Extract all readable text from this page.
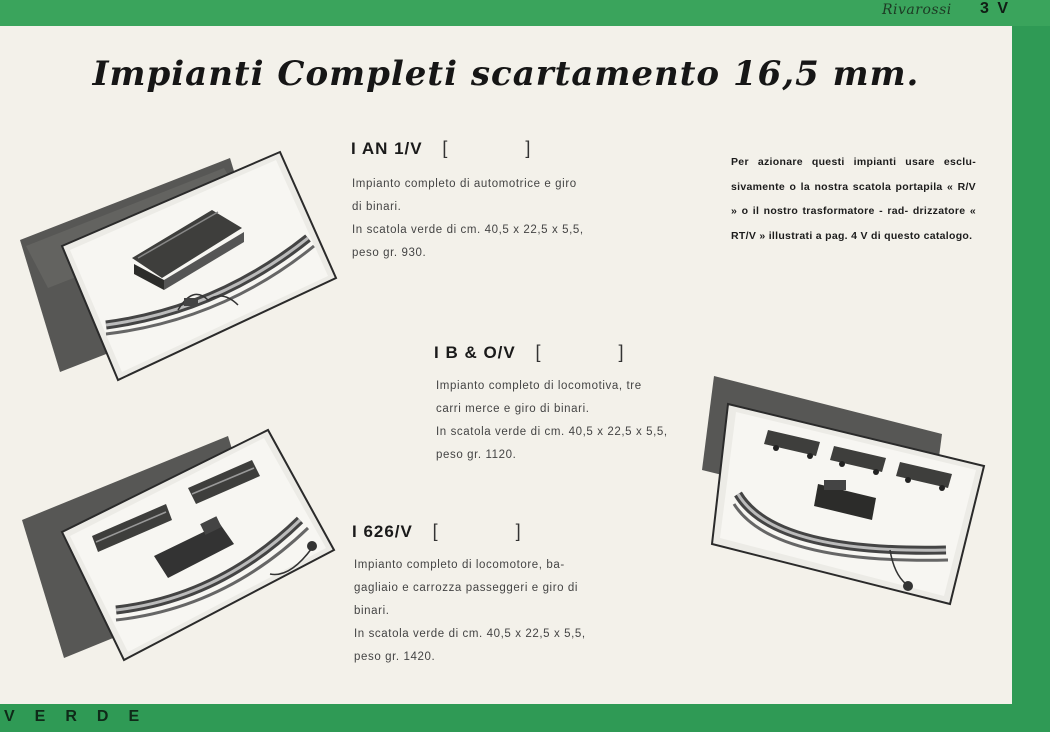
Rivarossi 3 V
Impianti Completi scartamento 16,5 mm.
I AN 1/V [	]

Impianto completo di automotrice e giro

di binari.

In scatola verde di cm. 40,5 x 22,5 x 5,5,

peso gr. 930.

I B & O/V [	]

Impianto completo di locomotiva, tre

carri merce e giro di binari.

In scatola verde di cm. 40,5 x 22,5 x 5,5,

peso gr. 1120.

I 626/V [	]

Impianto completo di locomotore, ba-

gagliaio e carrozza passeggeri e giro di

binari.

In scatola verde di cm. 40,5 x 22,5 x 5,5,

peso gr. 1420.

Per azionare questi impianti usare esclu- sivamente o la nostra scatola portapila « R/V » o il nostro trasformatore - rad- drizzatore « RT/V » illustrati a pag. 4 V di questo catalogo.
VERDE
